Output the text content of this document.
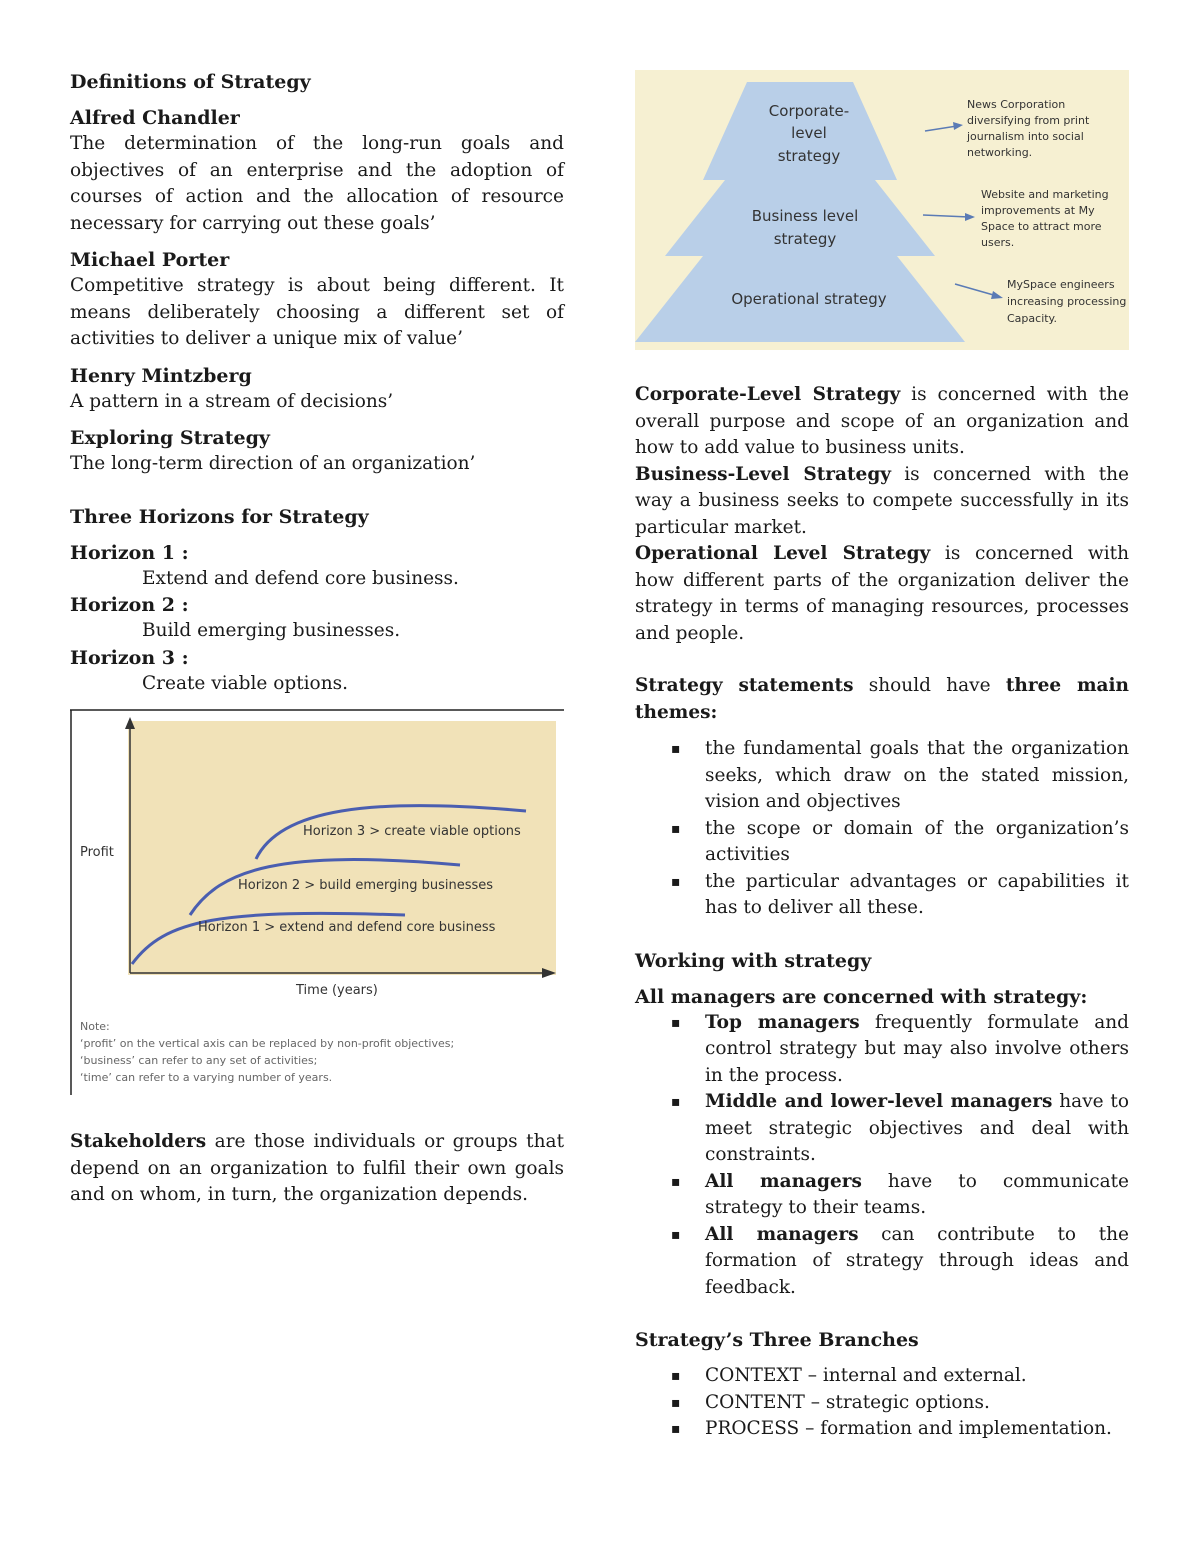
Definitions of Strategy

Alfred Chandler

The determination of the long-run goals and objectives of an enterprise and the adoption of courses of action and the allocation of resource necessary for carrying out these goals’

Michael Porter

Competitive strategy is about being different. It means deliberately choosing a different set of activities to deliver a unique mix of value’

Henry Mintzberg

A pattern in a stream of decisions’

Exploring Strategy

The long-term direction of an organization’

Three Horizons for Strategy

Horizon 1 :

Extend and defend core business.

Horizon 2 :

Build emerging businesses.

Horizon 3 :

Create viable options.

Profit
Horizon 3 > create viable options
Horizon 2 > build emerging businesses
Horizon 1 > extend and defend core business
Time (years)
Note:
‘profit’ on the vertical axis can be replaced by non-profit objectives;
‘business’ can refer to any set of activities;
‘time’ can refer to a varying number of years.

Stakeholders are those individuals or groups that depend on an organization to fulfil their own goals and on whom, in turn, the organization depends.

Corporate-
level
strategy
Business level
strategy
Operational strategy
News Corporation
diversifying from print
journalism into social
networking.
Website and marketing
improvements at My
Space to attract more
users.
MySpace engineers
increasing processing
Capacity.

Corporate-Level Strategy is concerned with the overall purpose and scope of an organization and how to add value to business units.

Business-Level Strategy is concerned with the way a business seeks to compete successfully in its particular market.

Operational Level Strategy is concerned with how different parts of the organization deliver the strategy in terms of managing resources, processes and people.

Strategy statements should have three main themes:

▪ the fundamental goals that the organization seeks, which draw on the stated mission, vision and objectives
▪ the scope or domain of the organization’s activities
▪ the particular advantages or capabilities it has to deliver all these.

Working with strategy

All managers are concerned with strategy:

▪ Top managers frequently formulate and control strategy but may also involve others in the process.
▪ Middle and lower-level managers have to meet strategic objectives and deal with constraints.
▪ All managers have to communicate strategy to their teams.
▪ All managers can contribute to the formation of strategy through ideas and feedback.

Strategy’s Three Branches

▪ CONTEXT – internal and external.
▪ CONTENT – strategic options.
▪ PROCESS – formation and implementation.
